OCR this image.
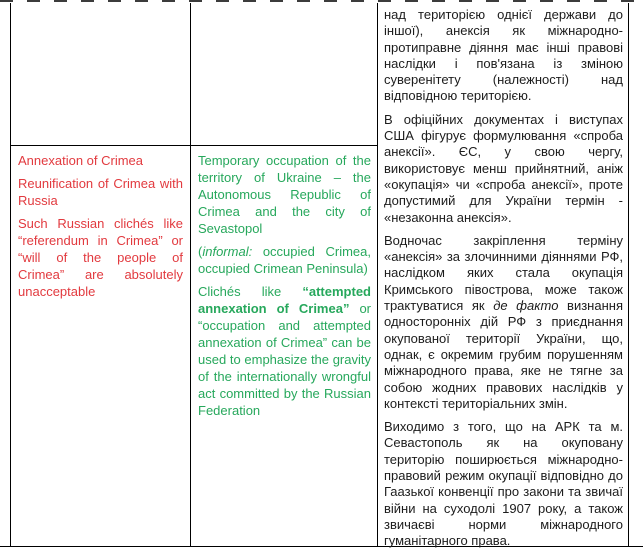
Annexation of Crimea

Reunification of Crimea with Russia

Such Russian clichés like “referendum in Crimea” or “will of the people of Crimea” are absolutely unacceptable

Temporary occupation of the territory of Ukraine – the Autonomous Republic of Crimea and the city of Sevastopol

(informal: occupied Crimea, occupied Crimean Peninsula)

Clichés like “attempted annexation of Crimea” or “occupation and attempted annexation of Crimea” can be used to emphasize the gravity of the internationally wrongful act committed by the Russian Federation

над територією однієї держави до іншої), анексія як міжнародно-протиправне діяння має інші правові наслідки і пов'язана із зміною суверенітету (належності) над відповідною територією.

В офіційних документах і виступах США фігурує формулювання «спроба анексії». ЄС, у свою чергу, використовує менш прийнятний, аніж «окупація» чи «спроба анексії», проте допустимий для України термін - «незаконна анексія».

Водночас закріплення терміну «анексія» за злочинними діяннями РФ, наслідком яких стала окупація Кримського півострова, може також трактуватися як де факто визнання односторонніх дій РФ з приєднання окупованої території України, що, однак, є окремим грубим порушенням міжнародного права, яке не тягне за собою жодних правових наслідків у контексті територіальних змін.

Виходимо з того, що на АРК та м. Севастополь як на окуповану територію поширюється міжнародно-правовий режим окупації відповідно до Гаазької конвенції про закони та звичаї війни на суходолі 1907 року, а також звичаєві норми міжнародного гуманітарного права.
